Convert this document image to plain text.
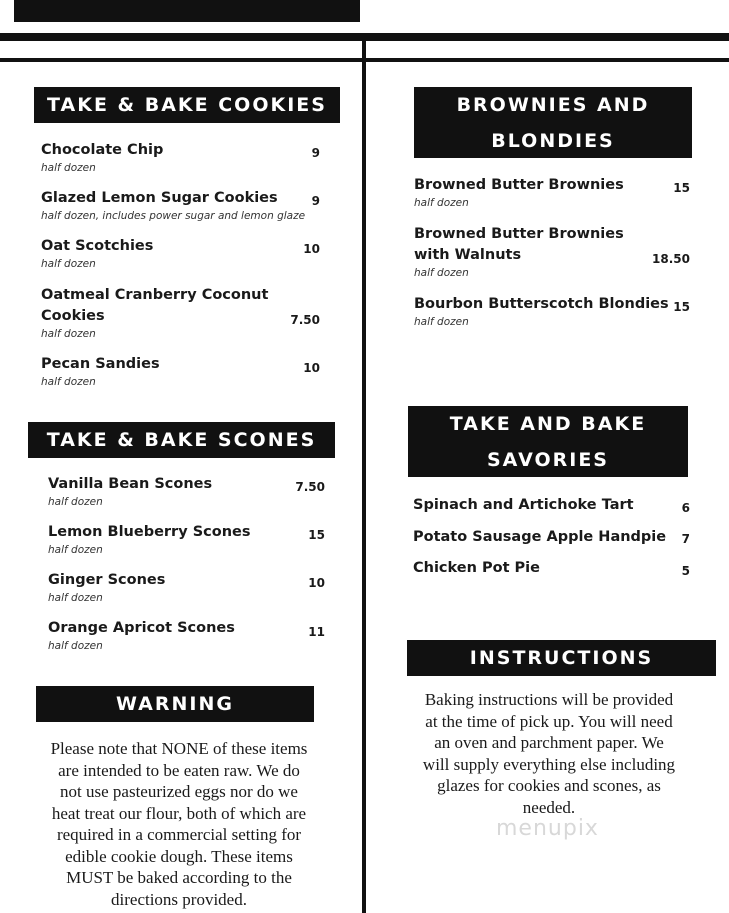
TAKE & BAKE COOKIES
Chocolate Chip
half dozen
9
Glazed Lemon Sugar Cookies
half dozen, includes power sugar and lemon glaze
9
Oat Scotchies
half dozen
10
Oatmeal Cranberry Coconut
Cookies
half dozen
7.50
Pecan Sandies
half dozen
10
TAKE & BAKE SCONES
Vanilla Bean Scones
half dozen
7.50
Lemon Blueberry Scones
half dozen
15
Ginger Scones
half dozen
10
Orange Apricot Scones
half dozen
11
WARNING
Please note that NONE of these items
are intended to be eaten raw. We do
not use pasteurized eggs nor do we
heat treat our flour, both of which are
required in a commercial setting for
edible cookie dough. These items
MUST be baked according to the
directions provided.
BROWNIES AND
BLONDIES
Browned Butter Brownies
half dozen
15
Browned Butter Brownies
with Walnuts
half dozen
18.50
Bourbon Butterscotch Blondies
half dozen
15
TAKE AND BAKE
SAVORIES
Spinach and Artichoke Tart	6
Potato Sausage Apple Handpie	7
Chicken Pot Pie	5
INSTRUCTIONS
Baking instructions will be provided
at the time of pick up. You will need
an oven and parchment paper. We
will supply everything else including
glazes for cookies and scones, as
needed.
menupix
